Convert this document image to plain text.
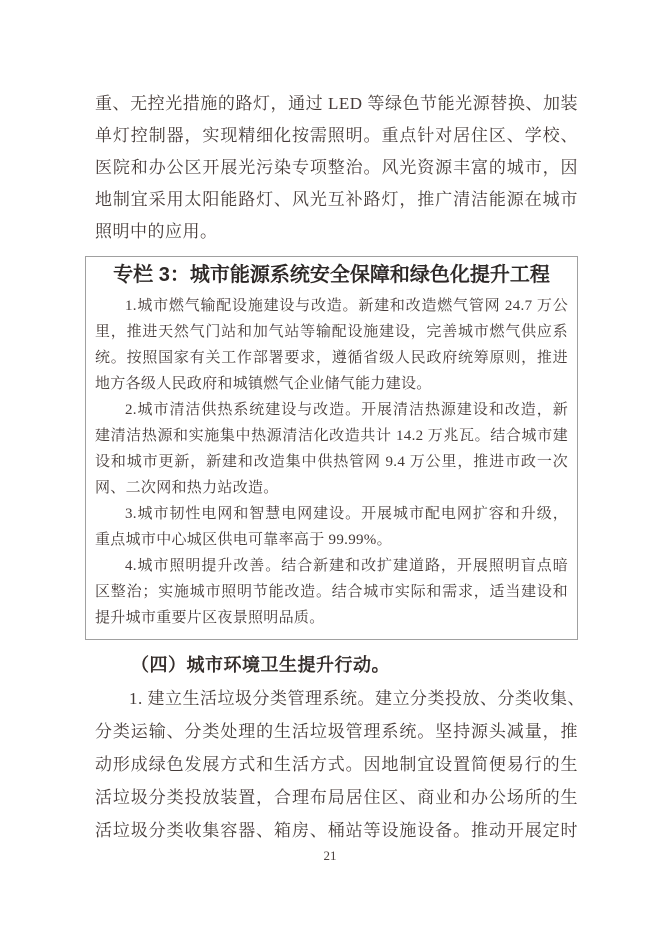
重、无控光措施的路灯，通过 LED 等绿色节能光源替换、加装
单灯控制器，实现精细化按需照明。重点针对居住区、学校、
医院和办公区开展光污染专项整治。风光资源丰富的城市，因
地制宜采用太阳能路灯、风光互补路灯，推广清洁能源在城市
照明中的应用。
专栏 3：城市能源系统安全保障和绿色化提升工程
1.城市燃气输配设施建设与改造。新建和改造燃气管网 24.7 万公
里，推进天然气门站和加气站等输配设施建设，完善城市燃气供应系
统。按照国家有关工作部署要求，遵循省级人民政府统筹原则，推进
地方各级人民政府和城镇燃气企业储气能力建设。
2.城市清洁供热系统建设与改造。开展清洁热源建设和改造，新
建清洁热源和实施集中热源清洁化改造共计 14.2 万兆瓦。结合城市建
设和城市更新，新建和改造集中供热管网 9.4 万公里，推进市政一次
网、二次网和热力站改造。
3.城市韧性电网和智慧电网建设。开展城市配电网扩容和升级，
重点城市中心城区供电可靠率高于 99.99%。
4.城市照明提升改善。结合新建和改扩建道路，开展照明盲点暗
区整治；实施城市照明节能改造。结合城市实际和需求，适当建设和
提升城市重要片区夜景照明品质。
（四）城市环境卫生提升行动。
1. 建立生活垃圾分类管理系统。建立分类投放、分类收集、
分类运输、分类处理的生活垃圾管理系统。坚持源头减量，推
动形成绿色发展方式和生活方式。因地制宜设置简便易行的生
活垃圾分类投放装置，合理布局居住区、商业和办公场所的生
活垃圾分类收集容器、箱房、桶站等设施设备。推动开展定时
21
